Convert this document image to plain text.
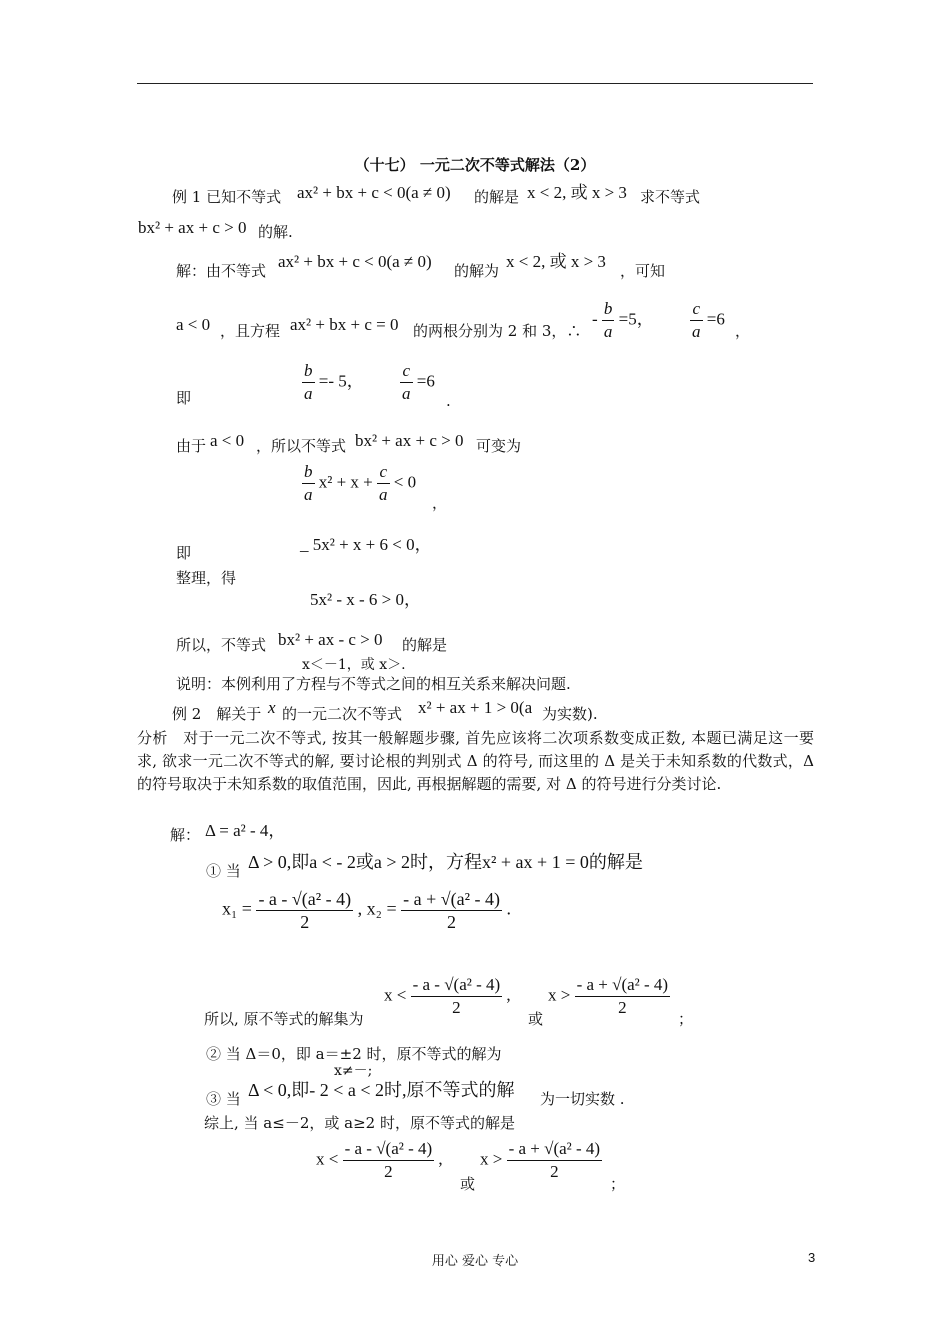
（十七） 一元二次不等式解法（2）
例 1 已知不等式 ax² + bx + c < 0(a ≠ 0) 的解是 x < 2, 或 x > 3 求不等式
bx² + ax + c > 0 的解.
解：由不等式 ax² + bx + c < 0(a ≠ 0) 的解为 x < 2, 或 x > 3 ，可知
a < 0 ，且方程 ax² + bx + c = 0 的两根分别为 2 和 3，∴
- $\frac{b}{a} =5$， $\frac{c}{a} =6$
，
即	$\frac{b}{a} =- 5$， $\frac{c}{a} =6$
.
由于 a < 0 ，所以不等式 bx² + ax + c > 0 可变为
$\frac{b}{a} x^2 + x + \frac{c}{a} < 0$
，
即	_ 5x² + x + 6 < 0，
整理，得
5x² - x - 6 > 0，
所以，不等式 bx² + ax - c > 0 的解是
x＜－1，或 x＞.
说明：本例利用了方程与不等式之间的相互关系来解决问题.
例 2　解关于 x 的一元二次不等式 x² + ax + 1 > 0(a 为实数).
分析　对于一元二次不等式, 按其一般解题步骤, 首先应该将二次项系数变成正数, 本题已满足这一要求, 欲求一元二次不等式的解, 要讨论根的判别式 Δ 的符号, 而这里的 Δ 是关于未知系数的代数式，Δ 的符号取决于未知系数的取值范围，因此, 再根据解题的需要, 对 Δ 的符号进行分类讨论.
解： Δ = a² - 4，
① 当 Δ > 0,即a < - 2或a > 2时，方程x² + ax + 1 = 0的解是
$x_1 = \frac{\text{- a - √(a² - 4)}}{2}$ , $x_2 = \frac{\text{- a + √(a² - 4)}}{2}$ .
所以, 原不等式的解集为
$x < \frac{\text{- a - √(a² - 4)}}{2}$ ,
或
$x > \frac{\text{- a + √(a² - 4)}}{2}$ ；
② 当 Δ＝0，即 a＝±2 时，原不等式的解为
x≠－;
③ 当 Δ < 0,即- 2 < a < 2时,原不等式的解 为一切实数 .
综上, 当 a≤－2，或 a≥2 时，原不等式的解是
$x < \frac{\text{- a - √(a² - 4)}}{2}$ ,
或
$x > \frac{\text{- a + √(a² - 4)}}{2}$
；
用心 爱心 专心	3
